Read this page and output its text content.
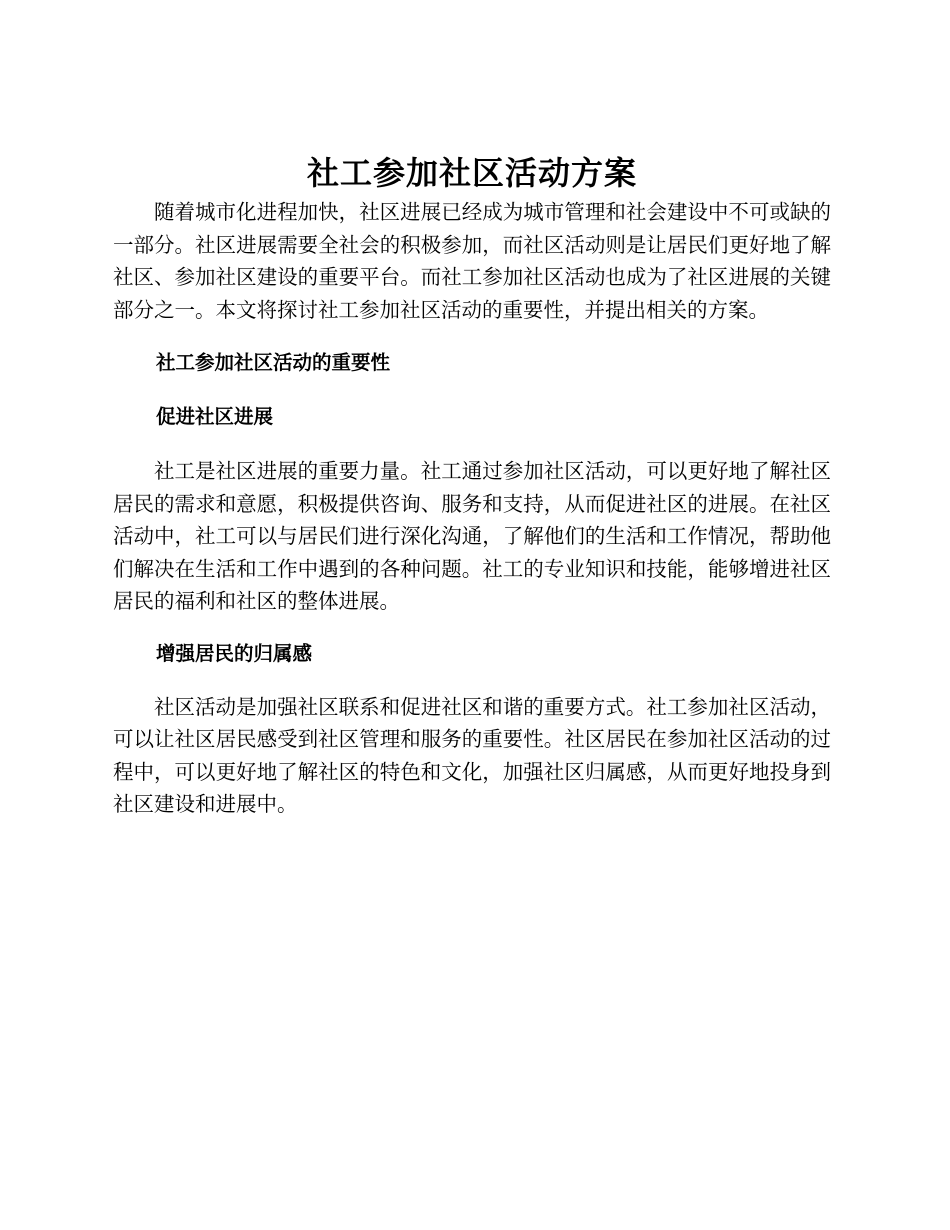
社工参加社区活动方案

随着城市化进程加快，社区进展已经成为城市管理和社会建设中不可或缺的一部分。社区进展需要全社会的积极参加，而社区活动则是让居民们更好地了解社区、参加社区建设的重要平台。而社工参加社区活动也成为了社区进展的关键部分之一。本文将探讨社工参加社区活动的重要性，并提出相关的方案。

社工参加社区活动的重要性
促进社区进展

社工是社区进展的重要力量。社工通过参加社区活动，可以更好地了解社区居民的需求和意愿，积极提供咨询、服务和支持，从而促进社区的进展。在社区活动中，社工可以与居民们进行深化沟通，了解他们的生活和工作情况，帮助他们解决在生活和工作中遇到的各种问题。社工的专业知识和技能，能够增进社区居民的福利和社区的整体进展。

增强居民的归属感

社区活动是加强社区联系和促进社区和谐的重要方式。社工参加社区活动，可以让社区居民感受到社区管理和服务的重要性。社区居民在参加社区活动的过程中，可以更好地了解社区的特色和文化，加强社区归属感，从而更好地投身到社区建设和进展中。
